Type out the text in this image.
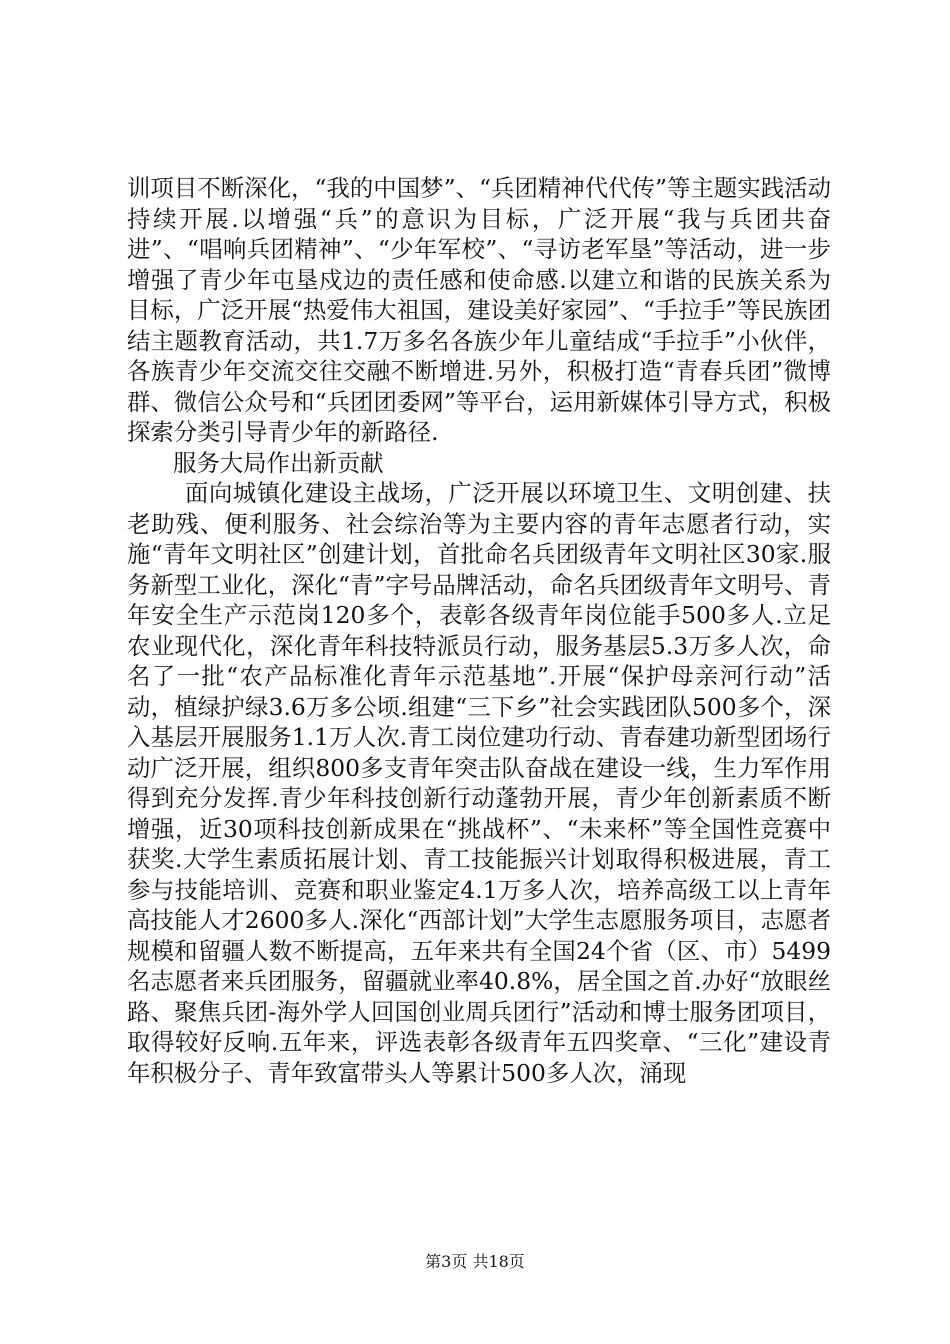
训项目不断深化，“我的中国梦”、“兵团精神代代传”等主题实践活动持续开展.以增强“兵”的意识为目标，广泛开展“我与兵团共奋进”、“唱响兵团精神”、“少年军校”、“寻访老军垦”等活动，进一步增强了青少年屯垦戍边的责任感和使命感.以建立和谐的民族关系为目标，广泛开展“热爱伟大祖国，建设美好家园”、“手拉手”等民族团结主题教育活动，共1.7万多名各族少年儿童结成“手拉手”小伙伴，各族青少年交流交往交融不断增进.另外，积极打造“青春兵团”微博群、微信公众号和“兵团团委网”等平台，运用新媒体引导方式，积极探索分类引导青少年的新路径.

服务大局作出新贡献

面向城镇化建设主战场，广泛开展以环境卫生、文明创建、扶老助残、便利服务、社会综治等为主要内容的青年志愿者行动，实施“青年文明社区”创建计划，首批命名兵团级青年文明社区30家.服务新型工业化，深化“青”字号品牌活动，命名兵团级青年文明号、青年安全生产示范岗120多个，表彰各级青年岗位能手500多人.立足农业现代化，深化青年科技特派员行动，服务基层5.3万多人次，命名了一批“农产品标准化青年示范基地”.开展“保护母亲河行动”活动，植绿护绿3.6万多公顷.组建“三下乡”社会实践团队500多个，深入基层开展服务1.1万人次.青工岗位建功行动、青春建功新型团场行动广泛开展，组织800多支青年突击队奋战在建设一线，生力军作用得到充分发挥.青少年科技创新行动蓬勃开展，青少年创新素质不断增强，近30项科技创新成果在“挑战杯”、“未来杯”等全国性竞赛中获奖.大学生素质拓展计划、青工技能振兴计划取得积极进展，青工参与技能培训、竞赛和职业鉴定4.1万多人次，培养高级工以上青年高技能人才2600多人.深化“西部计划”大学生志愿服务项目，志愿者规模和留疆人数不断提高，五年来共有全国24个省（区、市）5499名志愿者来兵团服务，留疆就业率40.8%，居全国之首.办好“放眼丝路、聚焦兵团-海外学人回国创业周兵团行”活动和博士服务团项目，取得较好反响.五年来，评选表彰各级青年五四奖章、“三化”建设青年积极分子、青年致富带头人等累计500多人次，涌现

第3页 共18页
